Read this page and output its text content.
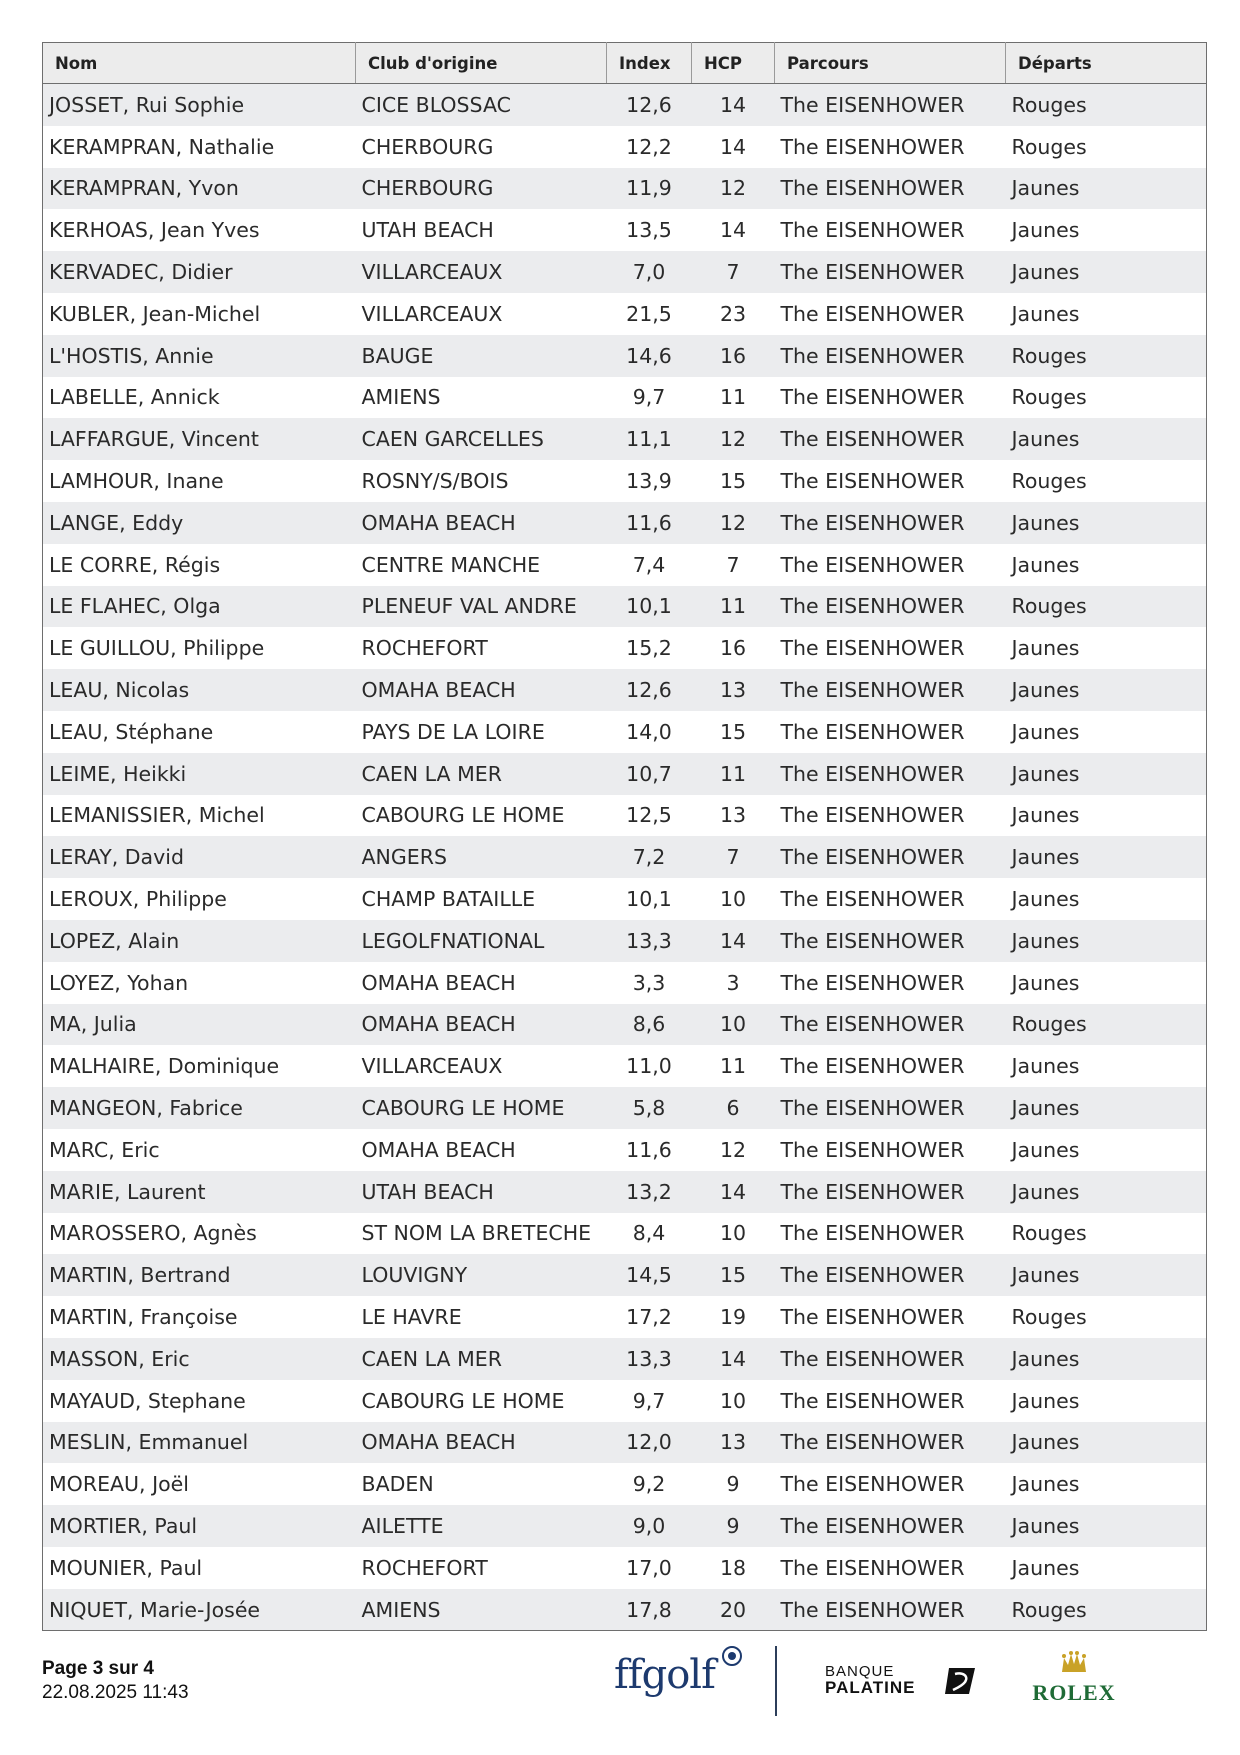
Nom	Club d'origine	Index	HCP	Parcours	Départs
JOSSET, Rui Sophie	CICE BLOSSAC	12,6	14	The EISENHOWER	Rouges
KERAMPRAN, Nathalie	CHERBOURG	12,2	14	The EISENHOWER	Rouges
KERAMPRAN, Yvon	CHERBOURG	11,9	12	The EISENHOWER	Jaunes
KERHOAS, Jean Yves	UTAH BEACH	13,5	14	The EISENHOWER	Jaunes
KERVADEC, Didier	VILLARCEAUX	7,0	7	The EISENHOWER	Jaunes
KUBLER, Jean-Michel	VILLARCEAUX	21,5	23	The EISENHOWER	Jaunes
L'HOSTIS, Annie	BAUGE	14,6	16	The EISENHOWER	Rouges
LABELLE, Annick	AMIENS	9,7	11	The EISENHOWER	Rouges
LAFFARGUE, Vincent	CAEN GARCELLES	11,1	12	The EISENHOWER	Jaunes
LAMHOUR, Inane	ROSNY/S/BOIS	13,9	15	The EISENHOWER	Rouges
LANGE, Eddy	OMAHA BEACH	11,6	12	The EISENHOWER	Jaunes
LE CORRE, Régis	CENTRE MANCHE	7,4	7	The EISENHOWER	Jaunes
LE FLAHEC, Olga	PLENEUF VAL ANDRE	10,1	11	The EISENHOWER	Rouges
LE GUILLOU, Philippe	ROCHEFORT	15,2	16	The EISENHOWER	Jaunes
LEAU, Nicolas	OMAHA BEACH	12,6	13	The EISENHOWER	Jaunes
LEAU, Stéphane	PAYS DE LA LOIRE	14,0	15	The EISENHOWER	Jaunes
LEIME, Heikki	CAEN LA MER	10,7	11	The EISENHOWER	Jaunes
LEMANISSIER, Michel	CABOURG LE HOME	12,5	13	The EISENHOWER	Jaunes
LERAY, David	ANGERS	7,2	7	The EISENHOWER	Jaunes
LEROUX, Philippe	CHAMP BATAILLE	10,1	10	The EISENHOWER	Jaunes
LOPEZ, Alain	LEGOLFNATIONAL	13,3	14	The EISENHOWER	Jaunes
LOYEZ, Yohan	OMAHA BEACH	3,3	3	The EISENHOWER	Jaunes
MA, Julia	OMAHA BEACH	8,6	10	The EISENHOWER	Rouges
MALHAIRE, Dominique	VILLARCEAUX	11,0	11	The EISENHOWER	Jaunes
MANGEON, Fabrice	CABOURG LE HOME	5,8	6	The EISENHOWER	Jaunes
MARC, Eric	OMAHA BEACH	11,6	12	The EISENHOWER	Jaunes
MARIE, Laurent	UTAH BEACH	13,2	14	The EISENHOWER	Jaunes
MAROSSERO, Agnès	ST NOM LA BRETECHE	8,4	10	The EISENHOWER	Rouges
MARTIN, Bertrand	LOUVIGNY	14,5	15	The EISENHOWER	Jaunes
MARTIN, Françoise	LE HAVRE	17,2	19	The EISENHOWER	Rouges
MASSON, Eric	CAEN LA MER	13,3	14	The EISENHOWER	Jaunes
MAYAUD, Stephane	CABOURG LE HOME	9,7	10	The EISENHOWER	Jaunes
MESLIN, Emmanuel	OMAHA BEACH	12,0	13	The EISENHOWER	Jaunes
MOREAU, Joël	BADEN	9,2	9	The EISENHOWER	Jaunes
MORTIER, Paul	AILETTE	9,0	9	The EISENHOWER	Jaunes
MOUNIER, Paul	ROCHEFORT	17,0	18	The EISENHOWER	Jaunes
NIQUET, Marie-Josée	AMIENS	17,8	20	The EISENHOWER	Rouges
Page 3 sur 4
22.08.2025 11:43	ffgolf	BANQUE
PALATINE	ROLEX
